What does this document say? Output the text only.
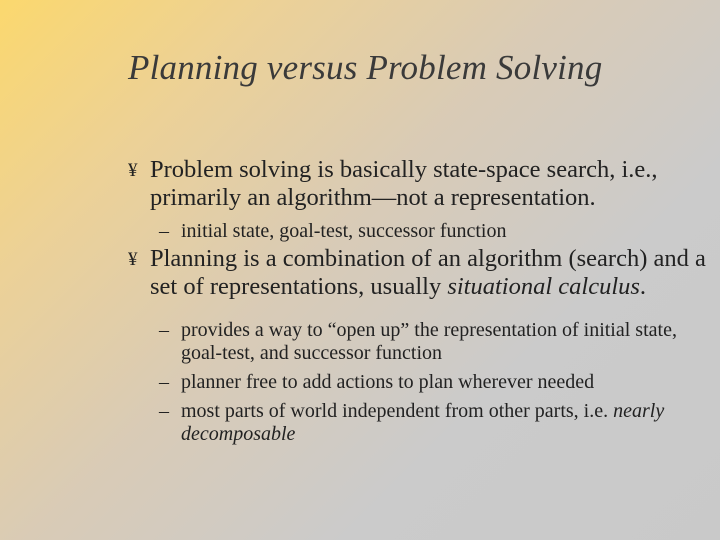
Planning versus Problem Solving
¥ Problem solving is basically state-space search, i.e., primarily an algorithm—not a representation.
– initial state, goal-test, successor function
¥ Planning is a combination of an algorithm (search) and a set of representations, usually situational calculus.
– provides a way to “open up” the representation of initial state, goal-test, and successor function
– planner free to add actions to plan wherever needed
– most parts of world independent from other parts, i.e. nearly decomposable
